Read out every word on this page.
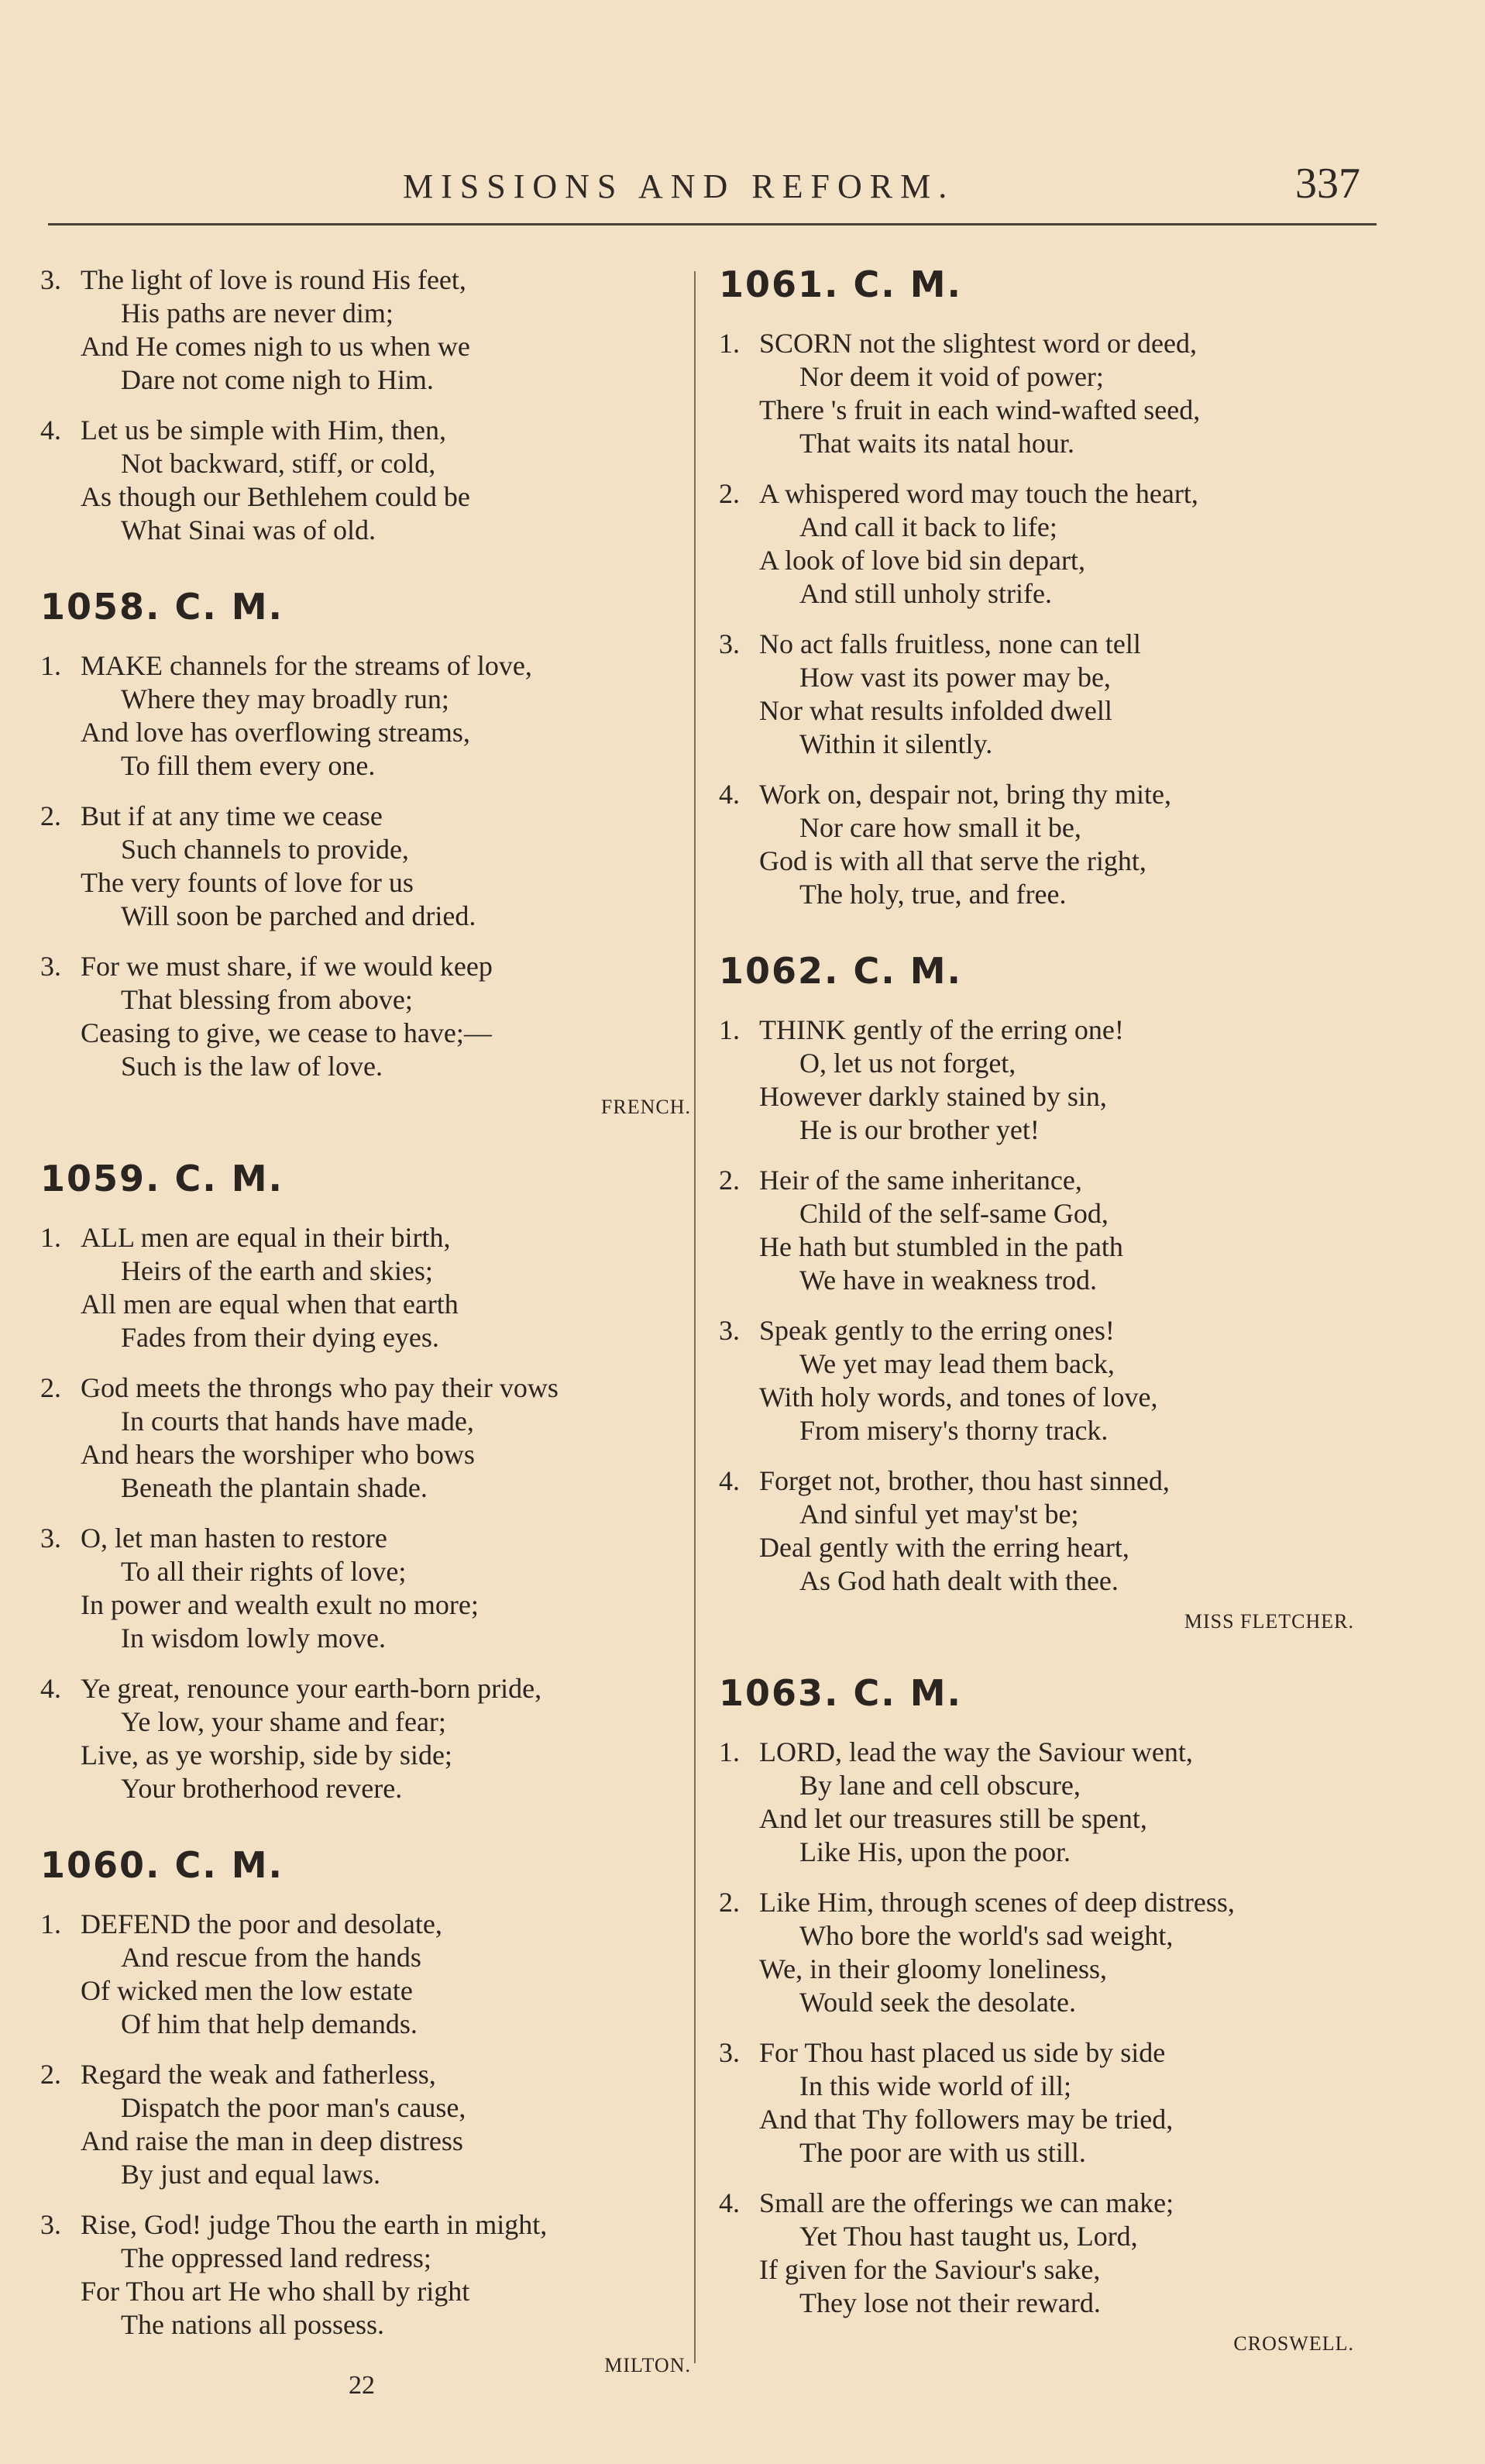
MISSIONS AND REFORM.	337
3. The light of love is round His feet,
His paths are never dim;
And He comes nigh to us when we
Dare not come nigh to Him.
4. Let us be simple with Him, then,
Not backward, stiff, or cold,
As though our Bethlehem could be
What Sinai was of old.
1058. C. M.
1. MAKE channels for the streams of love,
Where they may broadly run;
And love has overflowing streams,
To fill them every one.
2. But if at any time we cease
Such channels to provide,
The very founts of love for us
Will soon be parched and dried.
3. For we must share, if we would keep
That blessing from above;
Ceasing to give, we cease to have;—
Such is the law of love.
FRENCH.
1059. C. M.
1. ALL men are equal in their birth,
Heirs of the earth and skies;
All men are equal when that earth
Fades from their dying eyes.
2. God meets the throngs who pay their vows
In courts that hands have made,
And hears the worshiper who bows
Beneath the plantain shade.
3. O, let man hasten to restore
To all their rights of love;
In power and wealth exult no more;
In wisdom lowly move.
4. Ye great, renounce your earth-born pride,
Ye low, your shame and fear;
Live, as ye worship, side by side;
Your brotherhood revere.
1060. C. M.
1. DEFEND the poor and desolate,
And rescue from the hands
Of wicked men the low estate
Of him that help demands.
2. Regard the weak and fatherless,
Dispatch the poor man's cause,
And raise the man in deep distress
By just and equal laws.
3. Rise, God! judge Thou the earth in might,
The oppressed land redress;
For Thou art He who shall by right
The nations all possess.
MILTON.
1061. C. M.
1. SCORN not the slightest word or deed,
Nor deem it void of power;
There 's fruit in each wind-wafted seed,
That waits its natal hour.
2. A whispered word may touch the heart,
And call it back to life;
A look of love bid sin depart,
And still unholy strife.
3. No act falls fruitless, none can tell
How vast its power may be,
Nor what results infolded dwell
Within it silently.
4. Work on, despair not, bring thy mite,
Nor care how small it be,
God is with all that serve the right,
The holy, true, and free.
1062. C. M.
1. THINK gently of the erring one!
O, let us not forget,
However darkly stained by sin,
He is our brother yet!
2. Heir of the same inheritance,
Child of the self-same God,
He hath but stumbled in the path
We have in weakness trod.
3. Speak gently to the erring ones!
We yet may lead them back,
With holy words, and tones of love,
From misery's thorny track.
4. Forget not, brother, thou hast sinned,
And sinful yet may'st be;
Deal gently with the erring heart,
As God hath dealt with thee.
MISS FLETCHER.
1063. C. M.
1. LORD, lead the way the Saviour went,
By lane and cell obscure,
And let our treasures still be spent,
Like His, upon the poor.
2. Like Him, through scenes of deep distress,
Who bore the world's sad weight,
We, in their gloomy loneliness,
Would seek the desolate.
3. For Thou hast placed us side by side
In this wide world of ill;
And that Thy followers may be tried,
The poor are with us still.
4. Small are the offerings we can make;
Yet Thou hast taught us, Lord,
If given for the Saviour's sake,
They lose not their reward.
CROSWELL.
22
